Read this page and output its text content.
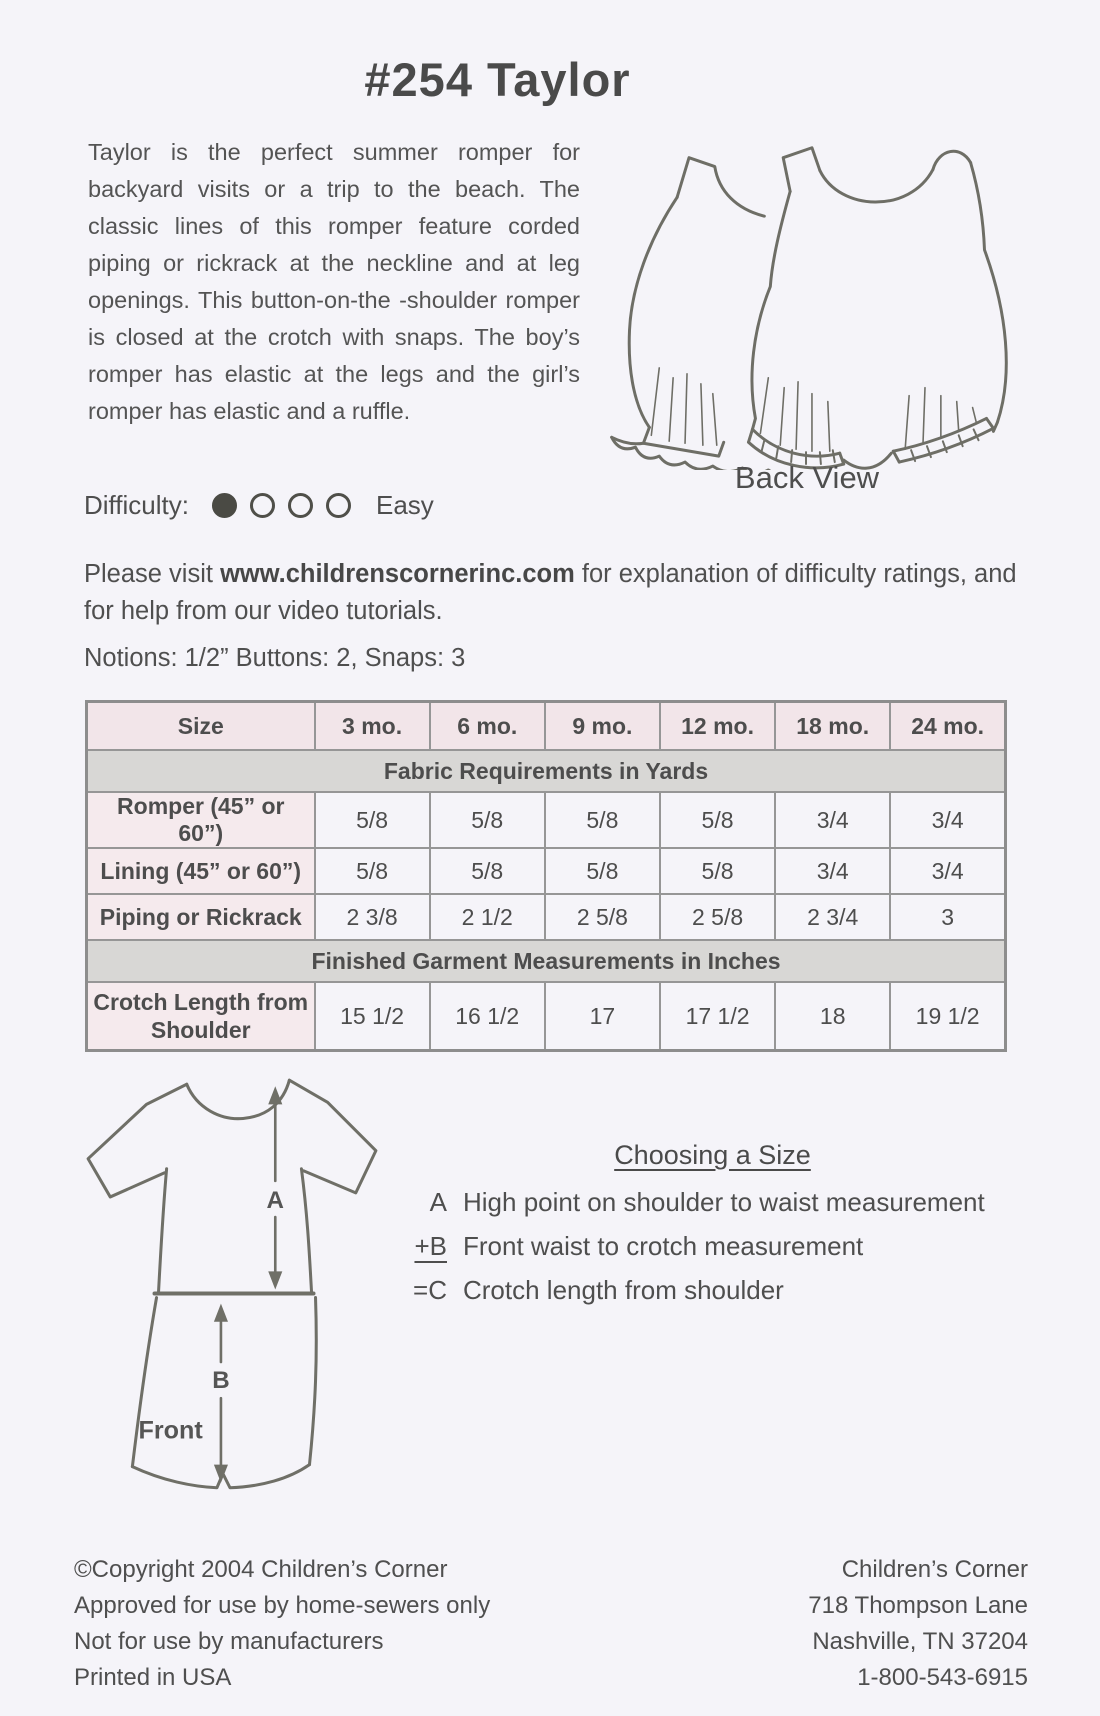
#254 Taylor
Taylor is the perfect summer romper for backyard visits or a trip to the beach. The classic lines of this romper feature corded piping or rickrack at the neckline and at leg openings. This button-on-the -shoulder romper is closed at the crotch with snaps. The boy’s romper has elastic at the legs and the girl’s romper has elastic and a ruffle.
Difficulty:	Easy
Back View
Please visit www.childrenscornerinc.com for explanation of difficulty ratings, and for help from our video tutorials.
Notions: 1/2” Buttons: 2, Snaps: 3
Size	3 mo.	6 mo.	9 mo.	12 mo.	18 mo.	24 mo.
Fabric Requirements in Yards						
Romper (45” or 60”)	5/8	5/8	5/8	5/8	3/4	3/4
Lining (45” or 60”)	5/8	5/8	5/8	5/8	3/4	3/4
Piping or Rickrack	2 3/8	2 1/2	2 5/8	2 5/8	2 3/4	3
Finished Garment Measurements in Inches						
Crotch Length from Shoulder	15 1/2	16 1/2	17	17 1/2	18	19 1/2
A
B
Front
Choosing a Size
A High point on shoulder to waist measurement
+B Front waist to crotch measurement
=C Crotch length from shoulder
©Copyright 2004 Children’s Corner
Approved for use by home-sewers only
Not for use by manufacturers
Printed in USA
Children’s Corner
718 Thompson Lane
Nashville, TN 37204
1-800-543-6915
